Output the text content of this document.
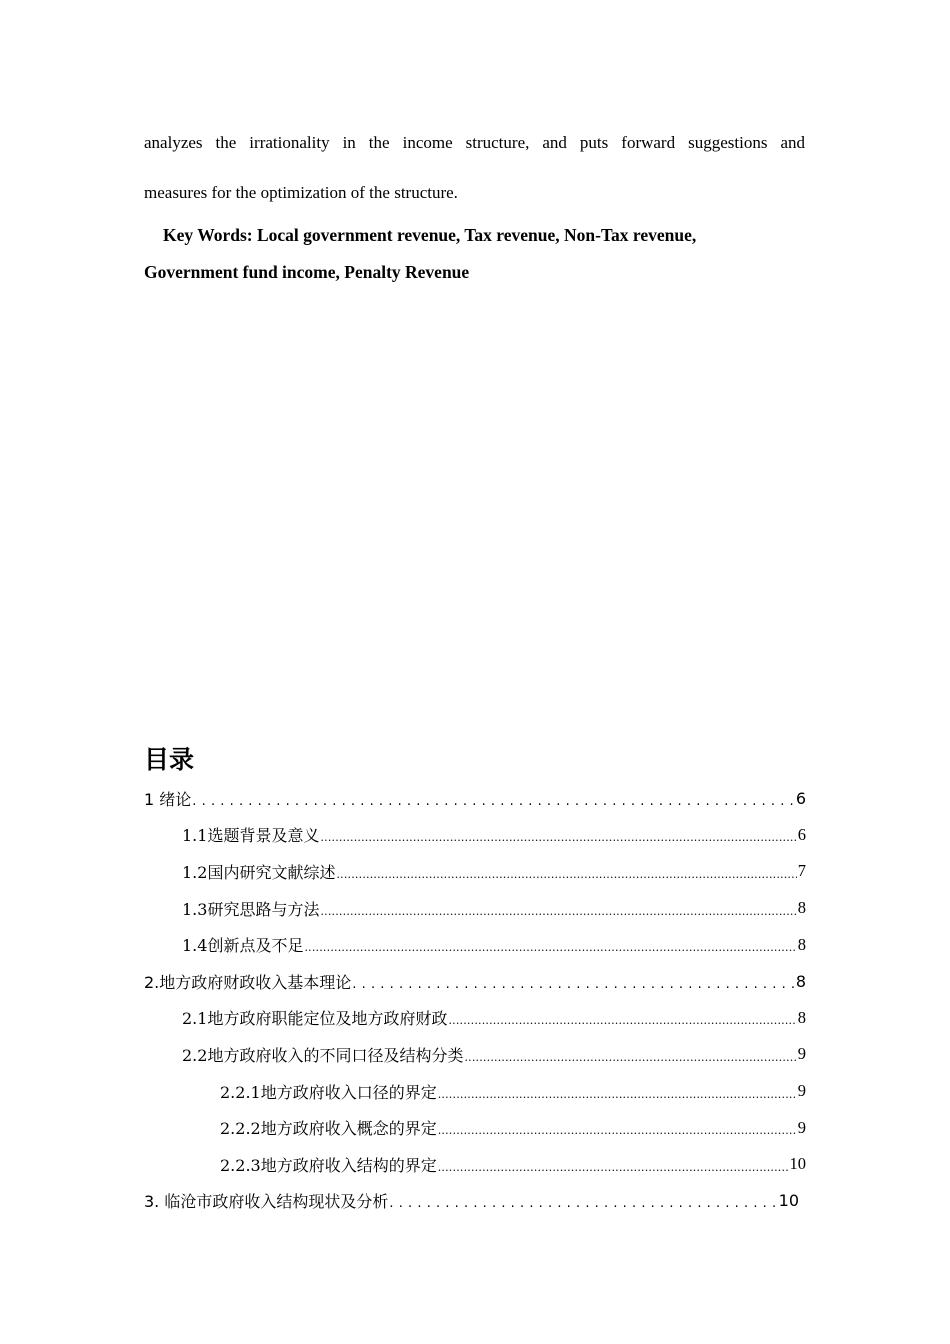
analyzes the irrationality in the income structure, and puts forward suggestions and
measures for the optimization of the structure.
Key Words: Local government revenue, Tax revenue, Non-Tax revenue,
Government fund income, Penalty Revenue
目录
1 绪论 .....	6
1.1选题背景及意义 .....	6
1.2国内研究文献综述 .....	7
1.3研究思路与方法 .....	8
1.4创新点及不足 .....	8
2.地方政府财政收入基本理论 .....	8
2.1地方政府职能定位及地方政府财政 .....	8
2.2地方政府收入的不同口径及结构分类 .....	9
2.2.1地方政府收入口径的界定 .....	9
2.2.2地方政府收入概念的界定 .....	9
2.2.3地方政府收入结构的界定 .....	10
3. 临沧市政府收入结构现状及分析 .....	10
